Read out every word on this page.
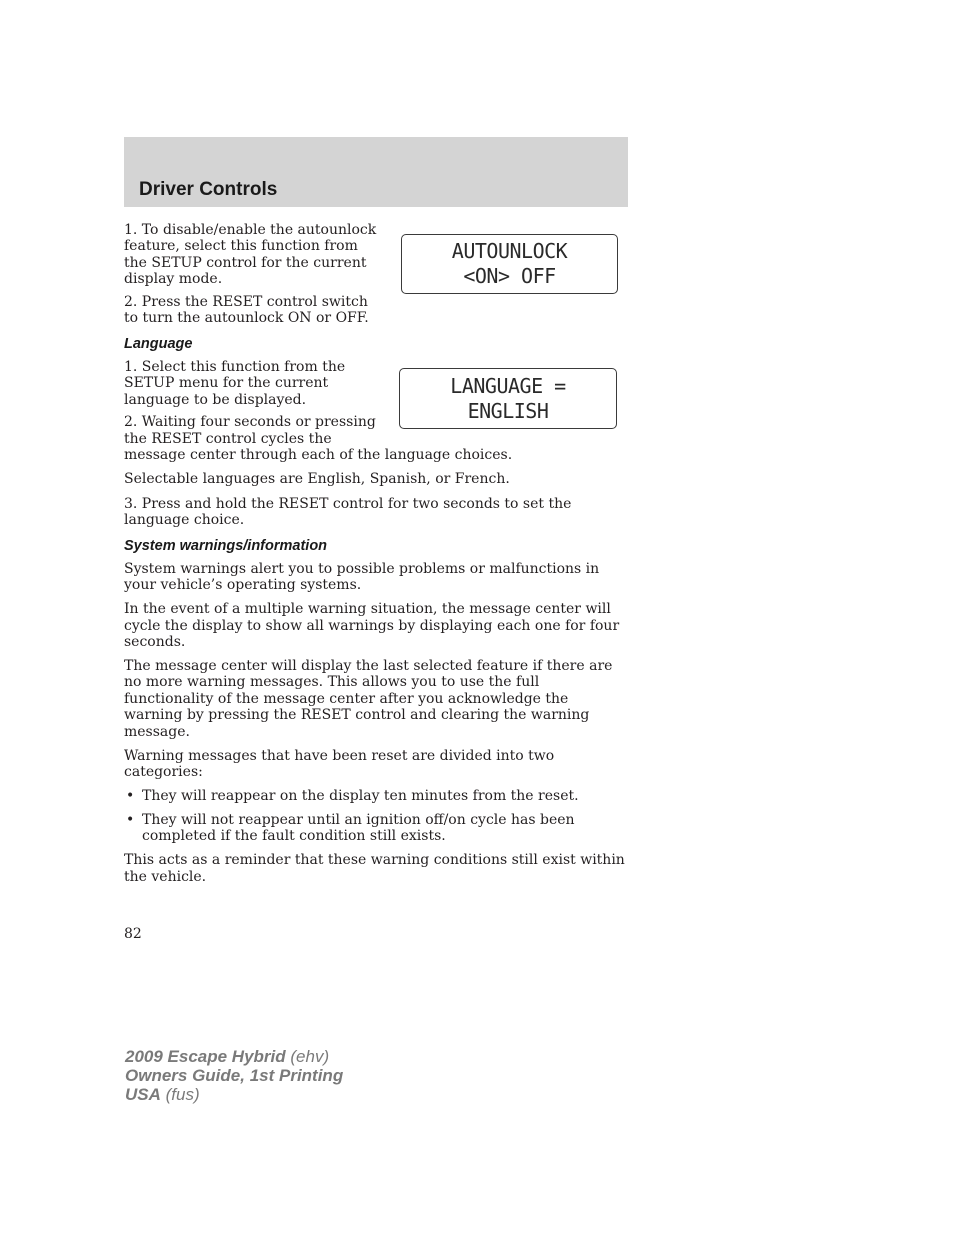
Driver Controls

1. To disable/enable the autounlock feature, select this function from the SETUP control for the current display mode.

2. Press the RESET control switch to turn the autounlock ON or OFF.

AUTOUNLOCK
<ON> OFF
Language

1. Select this function from the SETUP menu for the current language to be displayed.

2. Waiting four seconds or pressing

the RESET control cycles the

message center through each of the language choices.

Selectable languages are English, Spanish, or French.

3. Press and hold the RESET control for two seconds to set the language choice.

LANGUAGE =
ENGLISH
System warnings/information

System warnings alert you to possible problems or malfunctions in your vehicle’s operating systems.

In the event of a multiple warning situation, the message center will cycle the display to show all warnings by displaying each one for four seconds.

The message center will display the last selected feature if there are no more warning messages. This allows you to use the full functionality of the message center after you acknowledge the warning by pressing the RESET control and clearing the warning message.

Warning messages that have been reset are divided into two categories:

• They will reappear on the display ten minutes from the reset.
• They will not reappear until an ignition off/on cycle has been completed if the fault condition still exists.

This acts as a reminder that these warning conditions still exist within the vehicle.

82
2009 Escape Hybrid (ehv)
Owners Guide, 1st Printing
USA (fus)
